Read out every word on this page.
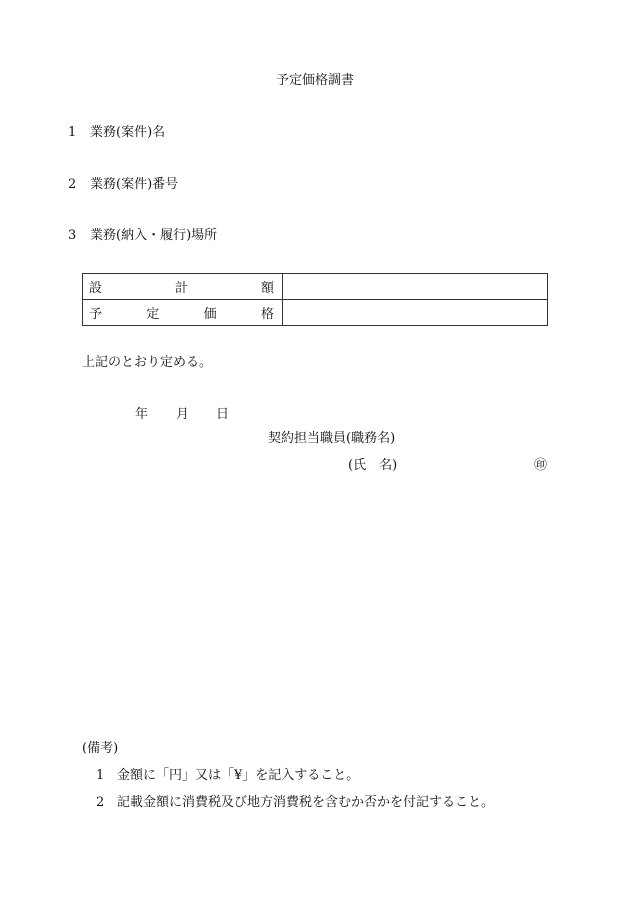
予定価格調書
1 業務(案件)名
2 業務(案件)番号
3 業務(納入・履行)場所
設 計 額	

予 定 価 格	

上記のとおり定める。
年 月 日
契約担当職員(職務名)
(氏　名)	㊞
(備考)
1 金額に「円」又は「¥」を記入すること。
2 記載金額に消費税及び地方消費税を含むか否かを付記すること。
